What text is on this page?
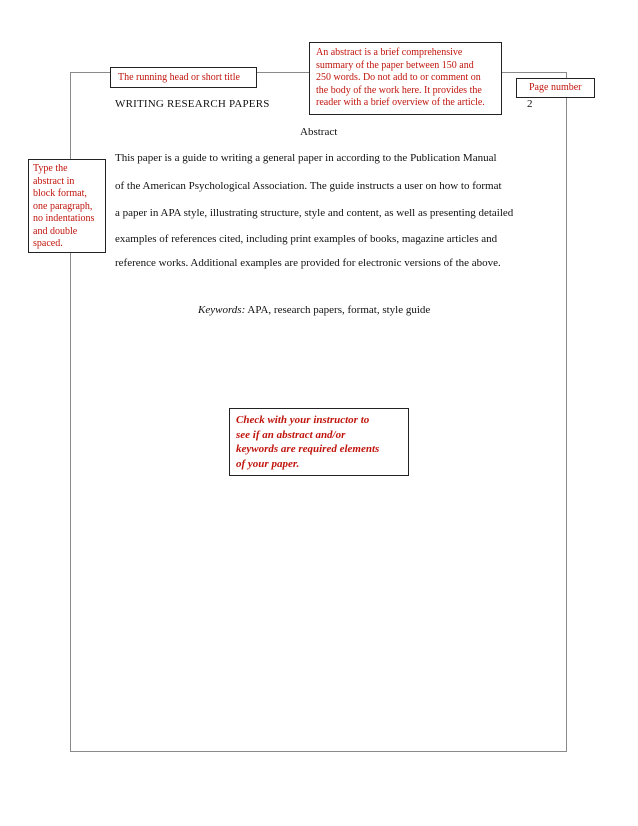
The running head or short title
An abstract is a brief comprehensive
summary of the paper between 150 and
250 words. Do not add to or comment on
the body of the work here. It provides the
reader with a brief overview of the article.
Page number
Type the
abstract in
block format,
one paragraph,
no indentations
and double
spaced.
WRITING RESEARCH PAPERS	2
Abstract
This paper is a guide to writing a general paper in according to the Publication Manual
of the American Psychological Association. The guide instructs a user on how to format
a paper in APA style, illustrating structure, style and content, as well as presenting detailed
examples of references cited, including print examples of books, magazine articles and
reference works. Additional examples are provided for electronic versions of the above.
Keywords: APA, research papers, format, style guide
Check with your instructor to
see if an abstract and/or
keywords are required elements
of your paper.
